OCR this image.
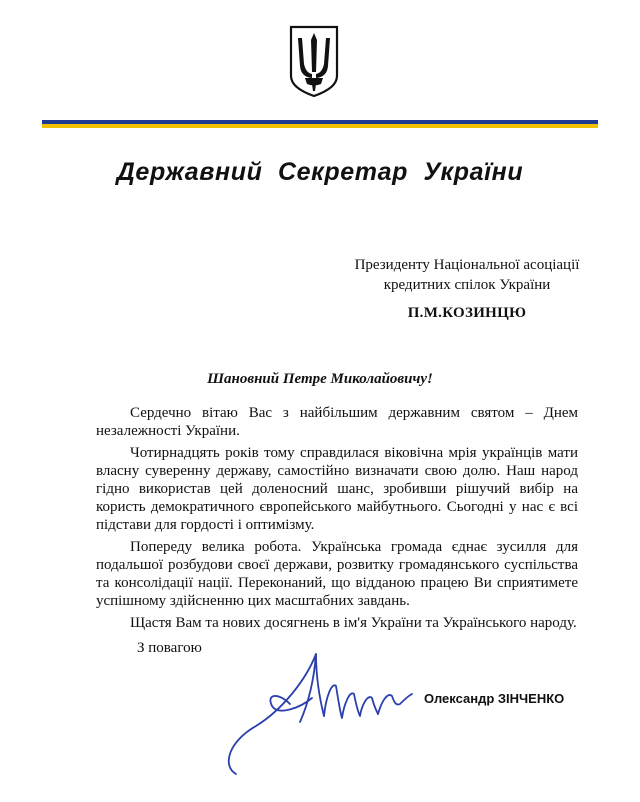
Державний Секретар України
Президенту Національної асоціації
кредитних спілок України
П.М.КОЗИНЦЮ
Шановний Петре Миколайовичу!

Сердечно вітаю Вас з найбільшим державним святом – Днем незалежності України.

Чотирнадцять років тому справдилася віковічна мрія українців мати власну суверенну державу, самостійно визначати свою долю. Наш народ гідно використав цей доленосний шанс, зробивши рішучий вибір на користь демократичного європейського майбутнього. Сьогодні у нас є всі підстави для гордості і оптимізму.

Попереду велика робота. Українська громада єднає зусилля для подальшої розбудови своєї держави, розвитку громадянського суспільства та консолідації нації. Переконаний, що відданою працею Ви сприятимете успішному здійсненню цих масштабних завдань.

Щастя Вам та нових досягнень в ім'я України та Українського народу.

З повагою
Олександр ЗІНЧЕНКО
